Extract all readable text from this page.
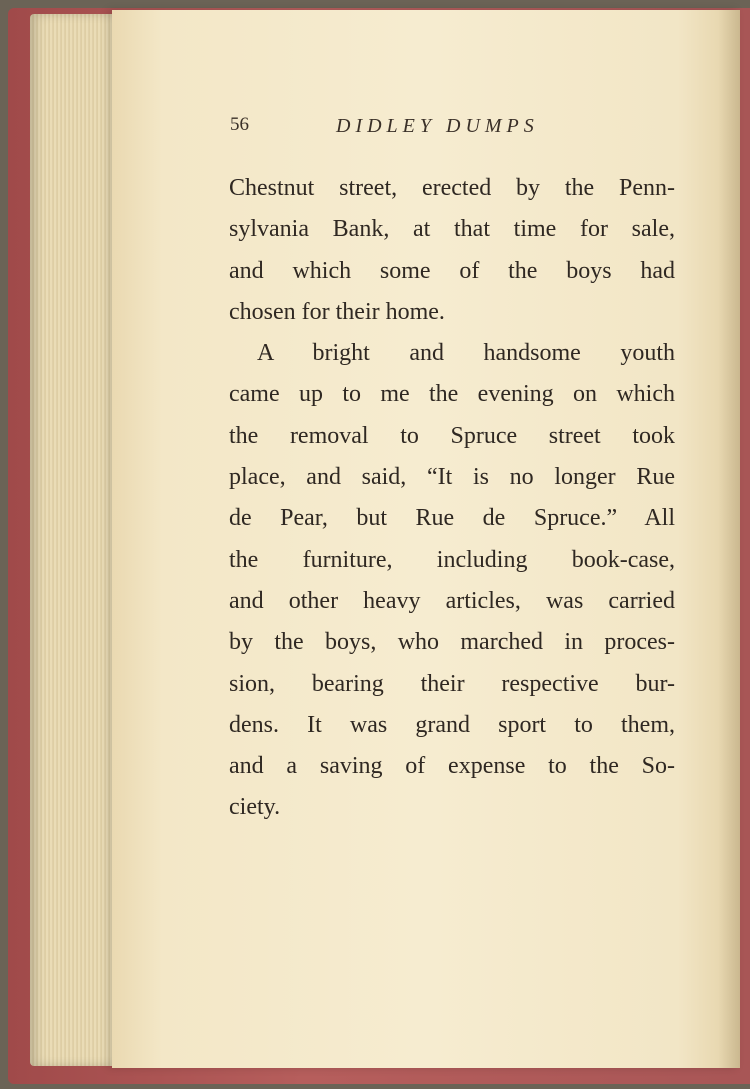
56	DIDLEY DUMPS
Chestnut street, erected by the Penn-
sylvania Bank, at that time for sale,
and which some of the boys had
chosen for their home.
A bright and handsome youth
came up to me the evening on which
the removal to Spruce street took
place, and said, “It is no longer Rue
de Pear, but Rue de Spruce.” All
the furniture, including book-case,
and other heavy articles, was carried
by the boys, who marched in proces-
sion, bearing their respective bur-
dens. It was grand sport to them,
and a saving of expense to the So-
ciety.
